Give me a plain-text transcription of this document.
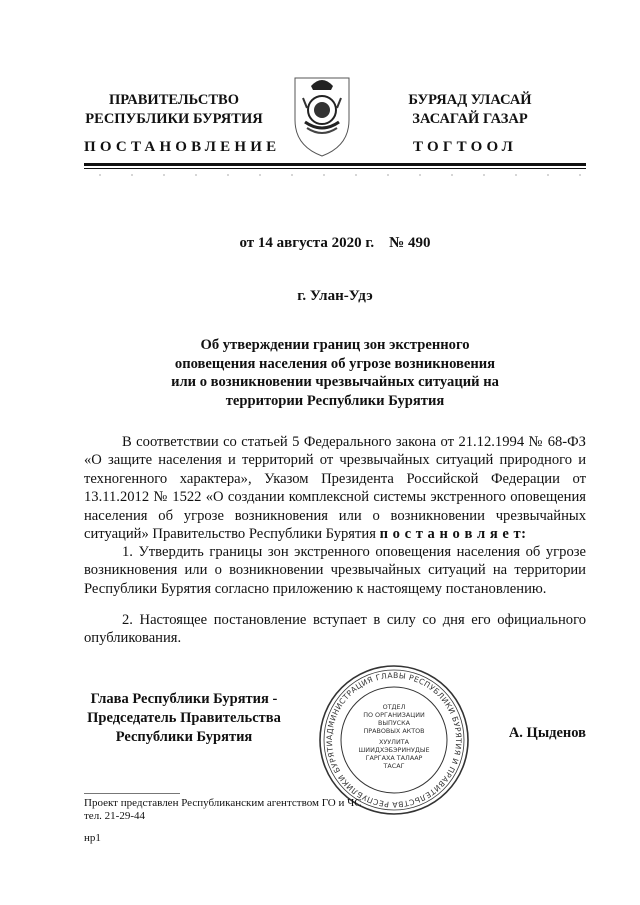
ПРАВИТЕЛЬСТВО
РЕСПУБЛИКИ БУРЯТИЯ
БУРЯАД УЛАСАЙ
ЗАСАГАЙ ГАЗАР
ПОСТАНОВЛЕНИЕ	ТОГТООЛ
от 14 августа 2020 г.    № 490
г. Улан-Удэ
Об утверждении границ зон экстренного
оповещения населения об угрозе возникновения
или о возникновении чрезвычайных ситуаций на
территории Республики Бурятия
В соответствии со статьей 5 Федерального закона от 21.12.1994 № 68-ФЗ «О защите населения и территорий от чрезвычайных ситуаций природного и техногенного характера», Указом Президента Российской Федерации от 13.11.2012 № 1522 «О создании комплексной системы экстренного оповещения населения об угрозе возникновения или о возникновении чрезвычайных ситуаций» Правительство Республики Бурятия п о с т а н о в л я е т:
1. Утвердить границы зон экстренного оповещения населения об угрозе возникновения или о возникновении чрезвычайных ситуаций на территории Республики Бурятия согласно приложению к настоящему постановлению.
2. Настоящее постановление вступает в силу со дня его официального опубликования.
Глава Республики Бурятия -
Председатель Правительства
Республики Бурятия	АДМИНИСТРАЦИЯ ГЛАВЫ РЕСПУБЛИКИ БУРЯТИЯ И ПРАВИТЕЛЬСТВА РЕСПУБЛИКИ БУРЯТИ
ОТДЕЛ
ПО ОРГАНИЗАЦИИ
ВЫПУСКА
ПРАВОВЫХ АКТОВ
ХУУЛИТА
ШИИДХЭБЭРИНУДЫЕ
ГАРГАХА ТАЛААР
ТАСАГ
А. Цыденов
Проект представлен Республиканским агентством ГО и ЧС
тел. 21-29-44
нр1
